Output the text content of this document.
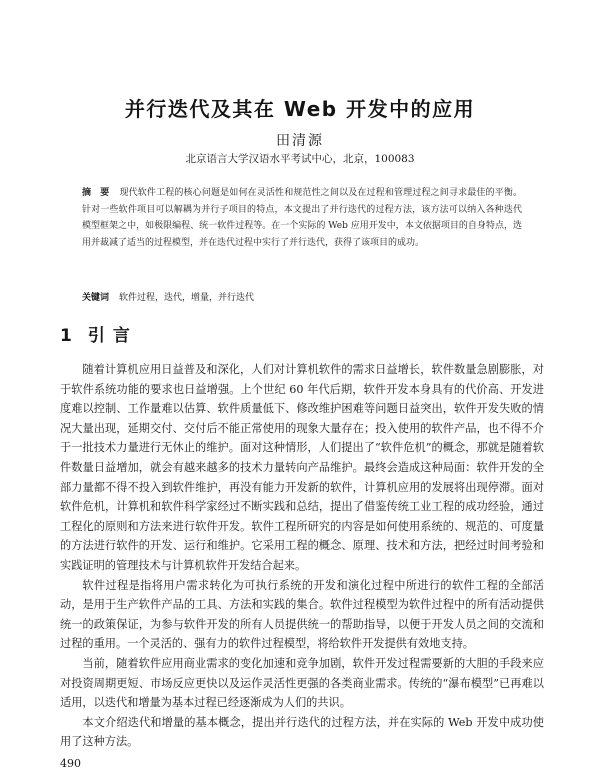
并行迭代及其在 Web 开发中的应用

田清源

北京语言大学汉语水平考试中心，北京，100083

摘　要 现代软件工程的核心问题是如何在灵活性和规范性之间以及在过程和管理过程之间寻求最佳的平衡。针对一些软件项目可以解耦为并行子项目的特点，本文提出了并行迭代的过程方法，该方法可以纳入各种迭代模型框架之中，如极限编程、统一软件过程等。在一个实际的 Web 应用开发中，本文依据项目的自身特点，选用并裁减了适当的过程模型，并在迭代过程中实行了并行迭代，获得了该项目的成功。

关键词 软件过程，迭代，增量，并行迭代

1 引言

随着计算机应用日益普及和深化，人们对计算机软件的需求日益增长，软件数量急剧膨胀，对于软件系统功能的要求也日益增强。上个世纪 60 年代后期，软件开发本身具有的代价高、开发进度难以控制、工作量难以估算、软件质量低下、修改维护困难等问题日益突出，软件开发失败的情况大量出现，延期交付、交付后不能正常使用的现象大量存在；投入使用的软件产品，也不得不介于一批技术力量进行无休止的维护。面对这种情形，人们提出了“软件危机”的概念，那就是随着软件数量日益增加，就会有越来越多的技术力量转向产品维护。最终会造成这种局面：软件开发的全部力量都不得不投入到软件维护，再没有能力开发新的软件，计算机应用的发展将出现停滞。面对软件危机，计算机和软件科学家经过不断实践和总结，提出了借鉴传统工业工程的成功经验，通过工程化的原则和方法来进行软件开发。软件工程所研究的内容是如何使用系统的、规范的、可度量的方法进行软件的开发、运行和维护。它采用工程的概念、原理、技术和方法，把经过时间考验和实践证明的管理技术与计算机软件开发结合起来。

软件过程是指将用户需求转化为可执行系统的开发和演化过程中所进行的软件工程的全部活动，是用于生产软件产品的工具、方法和实践的集合。软件过程模型为软件过程中的所有活动提供统一的政策保证，为参与软件开发的所有人员提供统一的帮助指导，以便于开发人员之间的交流和过程的重用。一个灵活的、强有力的软件过程模型，将给软件开发提供有效地支持。

当前，随着软件应用商业需求的变化加速和竞争加剧，软件开发过程需要新的大胆的手段来应对投资周期更短、市场反应更快以及运作灵活性更强的各类商业需求。传统的“瀑布模型”已再难以适用，以迭代和增量为基本过程已经逐渐成为人们的共识。

本文介绍迭代和增量的基本概念，提出并行迭代的过程方法，并在实际的 Web 开发中成功使用了这种方法。

490
